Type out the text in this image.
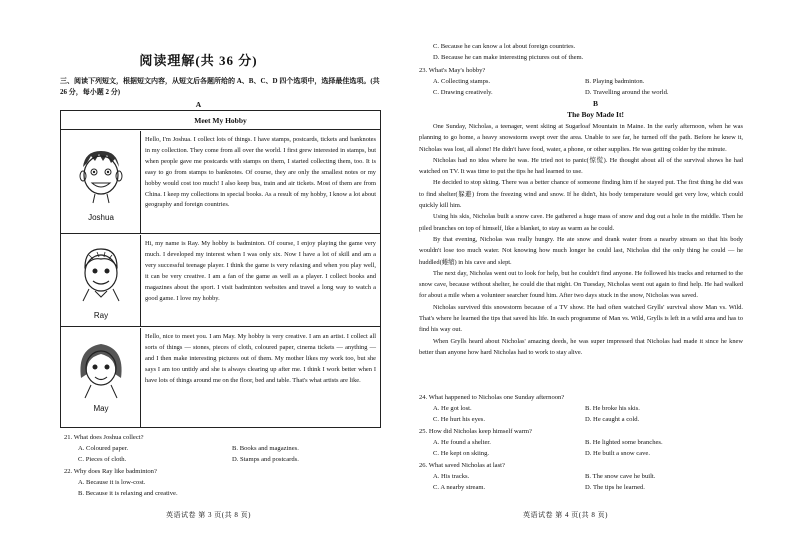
阅读理解(共 36 分)
三、阅读下列短文，根据短文内容，从短文后各题所给的 A、B、C、D 四个选项中，选择最佳选项。(共 26 分，每小题 2 分)
A
Meet My Hobby
Joshua
Hello, I'm Joshua. I collect lots of things. I have stamps, postcards, tickets and banknotes in my collection. They come from all over the world. I first grew interested in stamps, but when people gave me postcards with stamps on them, I started collecting them, too. It is easy to go from stamps to banknotes. Of course, they are only the smallest notes or my hobby would cost too much! I also keep bus, train and air tickets. Most of them are from China. I keep my collections in special books. As a result of my hobby, I know a lot about geography and foreign countries.
Ray
Hi, my name is Ray. My hobby is badminton. Of course, I enjoy playing the game very much. I developed my interest when I was only six. Now I have a lot of skill and am a very successful teenage player. I think the game is very relaxing and when you play well, it can be very creative. I am a fan of the game as well as a player. I collect books and magazines about the sport. I visit badminton websites and travel a long way to watch a good game. I love my hobby.
May
Hello, nice to meet you. I am May. My hobby is very creative. I am an artist. I collect all sorts of things — stones, pieces of cloth, coloured paper, cinema tickets — anything — and I then make interesting pictures out of them. My mother likes my work too, but she says I am too untidy and she is always clearing up after me. I think I work better when I have lots of things around me on the floor, bed and table. That's what artists are like.
21. What does Joshua collect?
A. Coloured paper.	B. Books and magazines.
C. Pieces of cloth.	D. Stamps and postcards.
22. Why does Ray like badminton?
A. Because it is low-cost.
B. Because it is relaxing and creative.
英语试卷 第 3 页(共 8 页)
C. Because he can know a lot about foreign countries.
D. Because he can make interesting pictures out of them.
23. What's May's hobby?
A. Collecting stamps.	B. Playing badminton.
C. Drawing creatively.	D. Travelling around the world.
B
The Boy Made It!

One Sunday, Nicholas, a teenager, went skiing at Sugarloaf Mountain in Maine. In the early afternoon, when he was planning to go home, a heavy snowstorm swept over the area. Unable to see far, he turned off the path. Before he knew it, Nicholas was lost, all alone! He didn't have food, water, a phone, or other supplies. He was getting colder by the minute.

Nicholas had no idea where he was. He tried not to panic(惊慌). He thought about all of the survival shows he had watched on TV. It was time to put the tips he had learned to use.

He decided to stop skiing. There was a better chance of someone finding him if he stayed put. The first thing he did was to find shelter(躲避) from the freezing wind and snow. If he didn't, his body temperature would get very low, which could quickly kill him.

Using his skis, Nicholas built a snow cave. He gathered a huge mass of snow and dug out a hole in the middle. Then he piled branches on top of himself, like a blanket, to stay as warm as he could.

By that evening, Nicholas was really hungry. He ate snow and drank water from a nearby stream so that his body wouldn't lose too much water. Not knowing how much longer he could last, Nicholas did the only thing he could — he huddled(蜷缩) in his cave and slept.

The next day, Nicholas went out to look for help, but he couldn't find anyone. He followed his tracks and returned to the snow cave, because without shelter, he could die that night. On Tuesday, Nicholas went out again to find help. He had walked for about a mile when a volunteer searcher found him. After two days stuck in the snow, Nicholas was saved.

Nicholas survived this snowstorm because of a TV show. He had often watched Grylls' survival show Man vs. Wild. That's where he learned the tips that saved his life. In each programme of Man vs. Wild, Grylls is left in a wild area and has to find his way out.

When Grylls heard about Nicholas' amazing deeds, he was super impressed that Nicholas had made it since he knew better than anyone how hard Nicholas had to work to stay alive.

24. What happened to Nicholas one Sunday afternoon?
A. He got lost.	B. He broke his skis.
C. He hurt his eyes.	D. He caught a cold.
25. How did Nicholas keep himself warm?
A. He found a shelter.	B. He lighted some branches.
C. He kept on skiing.	D. He built a snow cave.
26. What saved Nicholas at last?
A. His tracks.	B. The snow cave he built.
C. A nearby stream.	D. The tips he learned.
英语试卷 第 4 页(共 8 页)
